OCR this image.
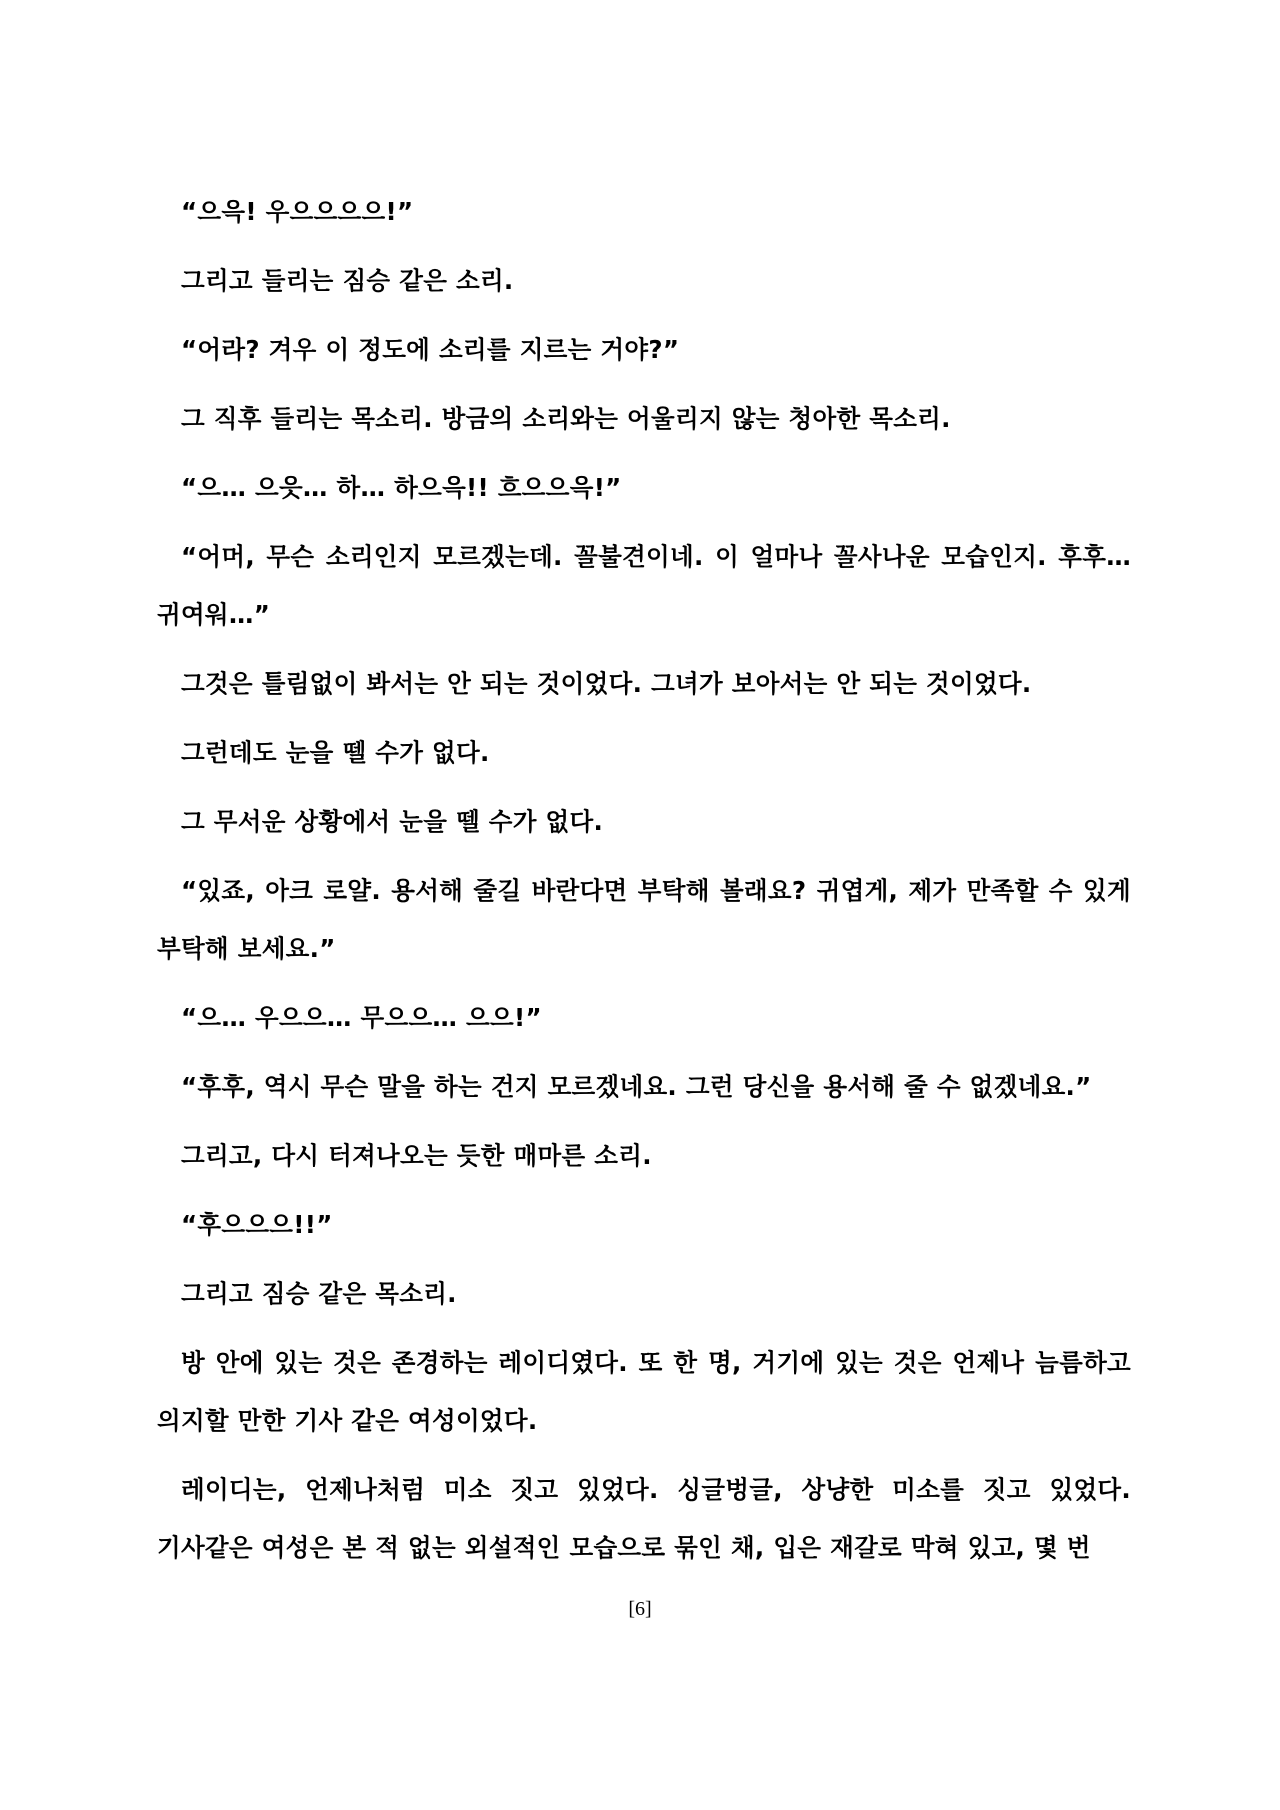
“으윽! 우으으으으!”

그리고 들리는 짐승 같은 소리.

“어라? 겨우 이 정도에 소리를 지르는 거야?”

그 직후 들리는 목소리. 방금의 소리와는 어울리지 않는 청아한 목소리.

“으… 으읏… 하… 하으윽!! 흐으으윽!”

“어머, 무슨 소리인지 모르겠는데. 꼴불견이네. 이 얼마나 꼴사나운 모습인지. 후후… 귀여워…”

그것은 틀림없이 봐서는 안 되는 것이었다. 그녀가 보아서는 안 되는 것이었다.

그런데도 눈을 뗄 수가 없다.

그 무서운 상황에서 눈을 뗄 수가 없다.

“있죠, 아크 로얄. 용서해 줄길 바란다면 부탁해 볼래요? 귀엽게, 제가 만족할 수 있게 부탁해 보세요.”

“으… 우으으… 무으으… 으으!”

“후후, 역시 무슨 말을 하는 건지 모르겠네요. 그런 당신을 용서해 줄 수 없겠네요.”

그리고, 다시 터져나오는 듯한 매마른 소리.

“후으으으!!”

그리고 짐승 같은 목소리.

방 안에 있는 것은 존경하는 레이디였다. 또 한 명, 거기에 있는 것은 언제나 늠름하고 의지할 만한 기사 같은 여성이었다.

레이디는, 언제나처럼 미소 짓고 있었다. 싱글벙글, 상냥한 미소를 짓고 있었다. 기사같은 여성은 본 적 없는 외설적인 모습으로 묶인 채, 입은 재갈로 막혀 있고, 몇 번

[6]
